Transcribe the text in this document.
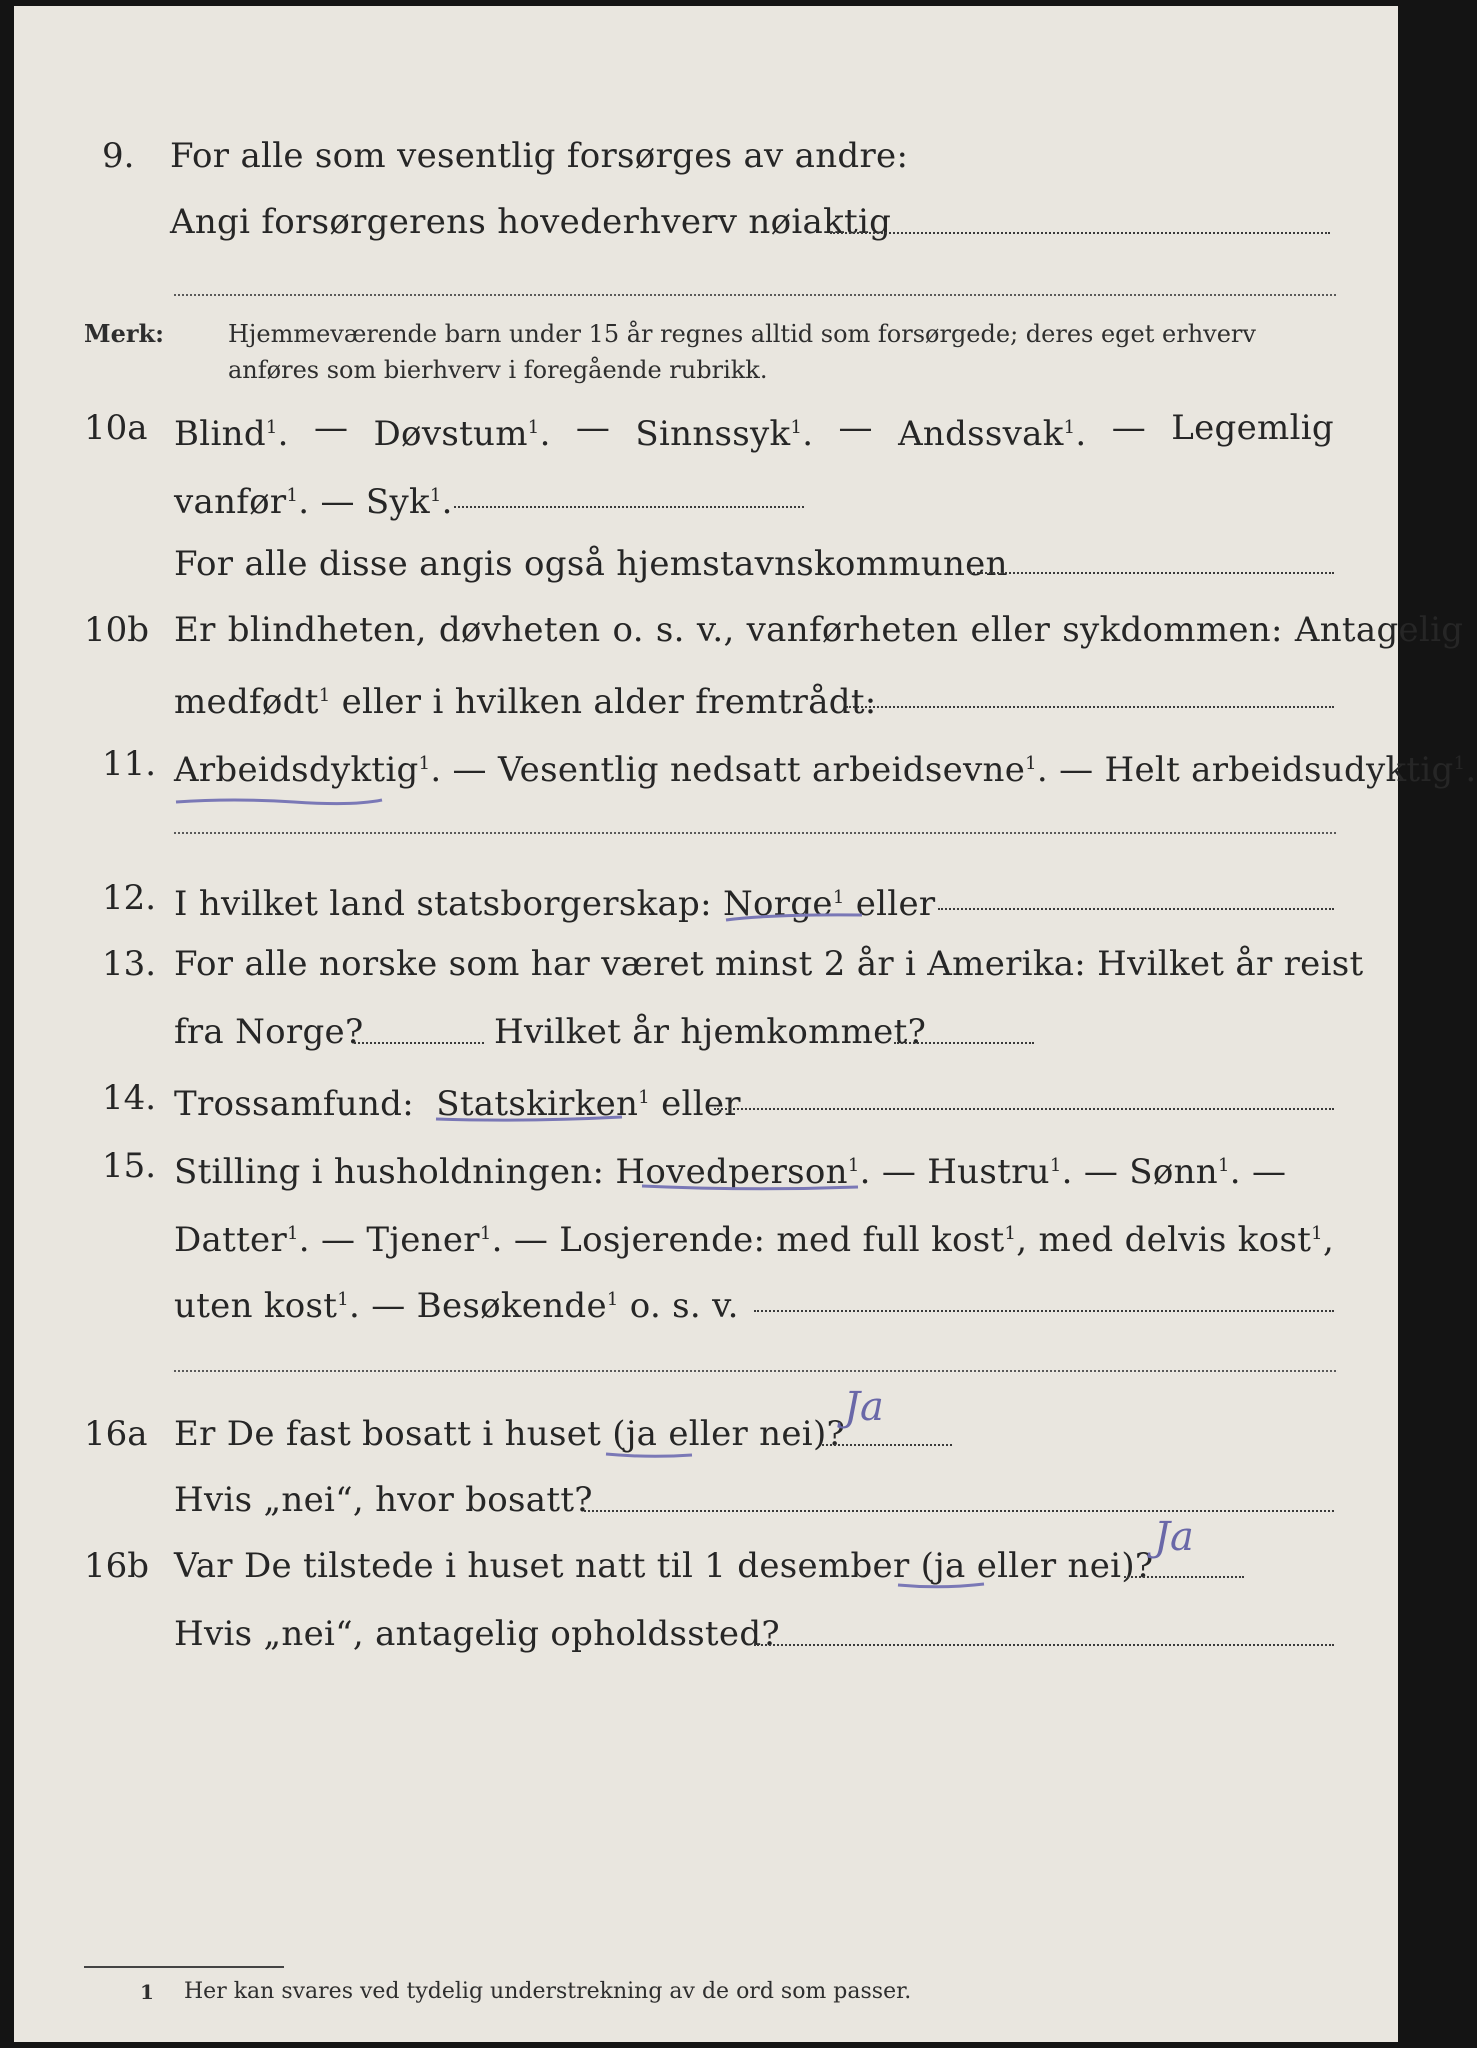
9. For alle som vesentlig forsørges av andre:
Angi forsørgerens hovederhverv nøiaktig
Merk:	Hjemmeværende barn under 15 år regnes alltid som forsørgede; deres eget erhverv
anføres som bierhverv i foregående rubrikk.
10a Blind$^1$. — Døvstum$^1$. — Sinnssyk$^1$. — Andssvak$^1$. — Legemlig
vanfør$^1$. — Syk$^1$.
For alle disse angis også hjemstavnskommunen
10b Er blindheten, døvheten o. s. v., vanførheten eller sykdommen: Antagelig
medfødt$^1$ eller i hvilken alder fremtrådt:
11. Arbeidsdyktig$^1$. — Vesentlig nedsatt arbeidsevne$^1$. — Helt arbeidsudyktig$^1$.
12. I hvilket land statsborgerskap: Norge$^1$ eller
13. For alle norske som har været minst 2 år i Amerika: Hvilket år reist
fra Norge?	Hvilket år hjemkommet?
14. Trossamfund: Statskirken$^1$ eller
15. Stilling i husholdningen: Hovedperson$^1$. — Hustru$^1$. — Sønn$^1$. —
Datter$^1$. — Tjener$^1$. — Losjerende: med full kost$^1$, med delvis kost$^1$,
uten kost$^1$. — Besøkende$^1$ o. s. v.
16a Er De fast bosatt i huset (ja eller nei)?
Ja
Hvis „nei“, hvor bosatt?
16b Var De tilstede i huset natt til 1 desember (ja eller nei)?
Ja
Hvis „nei“, antagelig opholdssted?
1 Her kan svares ved tydelig understrekning av de ord som passer.
